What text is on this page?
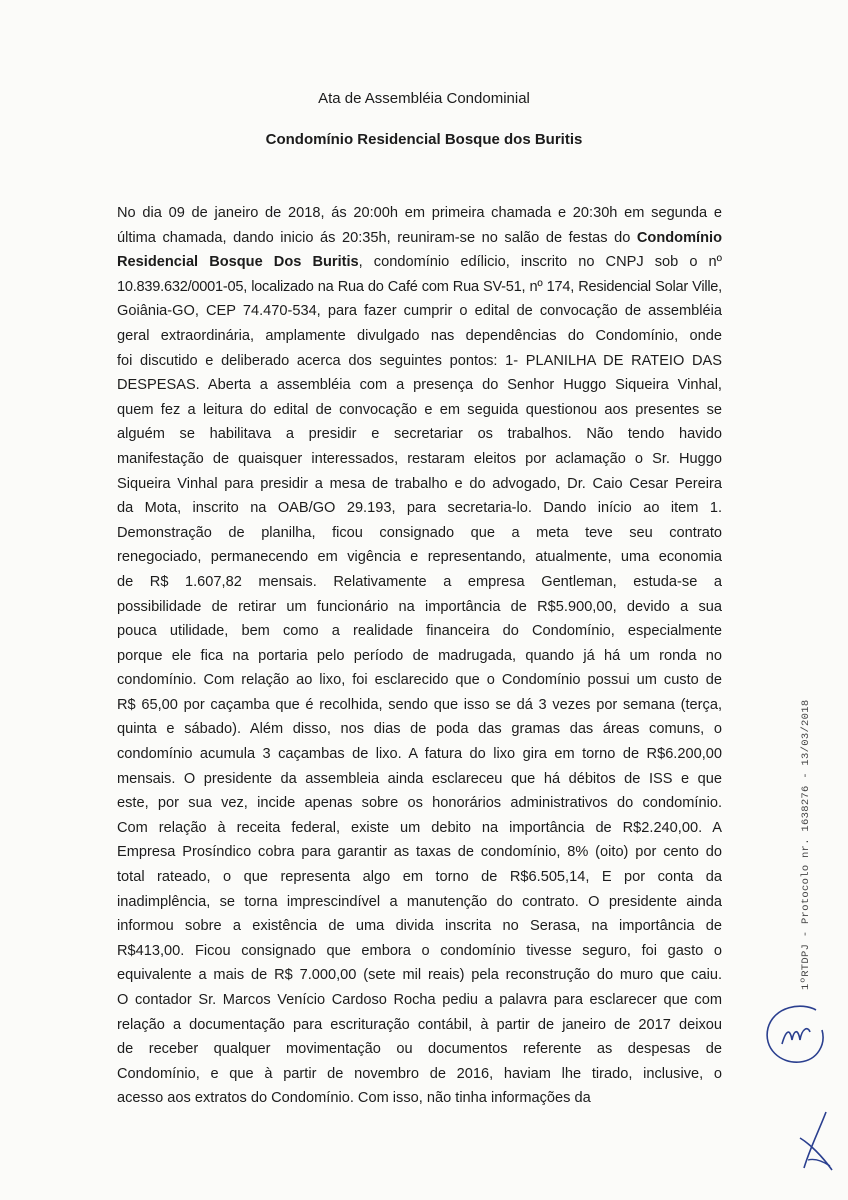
Ata de Assembléia Condominial
Condomínio Residencial Bosque dos Buritis
No dia 09 de janeiro de 2018, ás 20:00h em primeira chamada e 20:30h em segunda e
última chamada, dando inicio ás 20:35h, reuniram-se no salão de festas do Condomínio
Residencial Bosque Dos Buritis, condomínio edílicio, inscrito no CNPJ sob o nº
10.839.632/0001-05, localizado na Rua do Café com Rua SV-51, nº 174, Residencial Solar Ville,
Goiânia-GO, CEP 74.470-534, para fazer cumprir o edital de convocação de assembléia
geral extraordinária, amplamente divulgado nas dependências do Condomínio, onde
foi discutido e deliberado acerca dos seguintes pontos: 1- PLANILHA DE RATEIO DAS
DESPESAS. Aberta a assembléia com a presença do Senhor Huggo Siqueira Vinhal,
quem fez a leitura do edital de convocação e em seguida questionou aos presentes se
alguém se habilitava a presidir e secretariar os trabalhos. Não tendo havido
manifestação de quaisquer interessados, restaram eleitos por aclamação o Sr. Huggo
Siqueira Vinhal para presidir a mesa de trabalho e do advogado, Dr. Caio Cesar Pereira
da Mota, inscrito na OAB/GO 29.193, para secretaria-lo. Dando início ao item 1.
Demonstração de planilha, ficou consignado que a meta teve seu contrato
renegociado, permanecendo em vigência e representando, atualmente, uma economia
de R$ 1.607,82 mensais. Relativamente a empresa Gentleman, estuda-se a
possibilidade de retirar um funcionário na importância de R$5.900,00, devido a sua
pouca utilidade, bem como a realidade financeira do Condomínio, especialmente
porque ele fica na portaria pelo período de madrugada, quando já há um ronda no
condomínio. Com relação ao lixo, foi esclarecido que o Condomínio possui um custo de
R$ 65,00 por caçamba que é recolhida, sendo que isso se dá 3 vezes por semana (terça,
quinta e sábado). Além disso, nos dias de poda das gramas das áreas comuns, o
condomínio acumula 3 caçambas de lixo. A fatura do lixo gira em torno de R$6.200,00
mensais. O presidente da assembleia ainda esclareceu que há débitos de ISS e que
este, por sua vez, incide apenas sobre os honorários administrativos do condomínio.
Com relação à receita federal, existe um debito na importância de R$2.240,00. A
Empresa Prosíndico cobra para garantir as taxas de condomínio, 8% (oito) por cento do
total rateado, o que representa algo em torno de R$6.505,14, E por conta da
inadimplência, se torna imprescindível a manutenção do contrato. O presidente ainda
informou sobre a existência de uma divida inscrita no Serasa, na importância de
R$413,00. Ficou consignado que embora o condomínio tivesse seguro, foi gasto o
equivalente a mais de R$ 7.000,00 (sete mil reais) pela reconstrução do muro que caiu.
O contador Sr. Marcos Venício Cardoso Rocha pediu a palavra para esclarecer que com
relação a documentação para escrituração contábil, à partir de janeiro de 2017 deixou
de receber qualquer movimentação ou documentos referente as despesas de
Condomínio, e que à partir de novembro de 2016, haviam lhe tirado, inclusive, o
acesso aos extratos do Condomínio. Com isso, não tinha informações da
1ºRTDPJ - Protocolo nr. 1638276 - 13/03/2018
